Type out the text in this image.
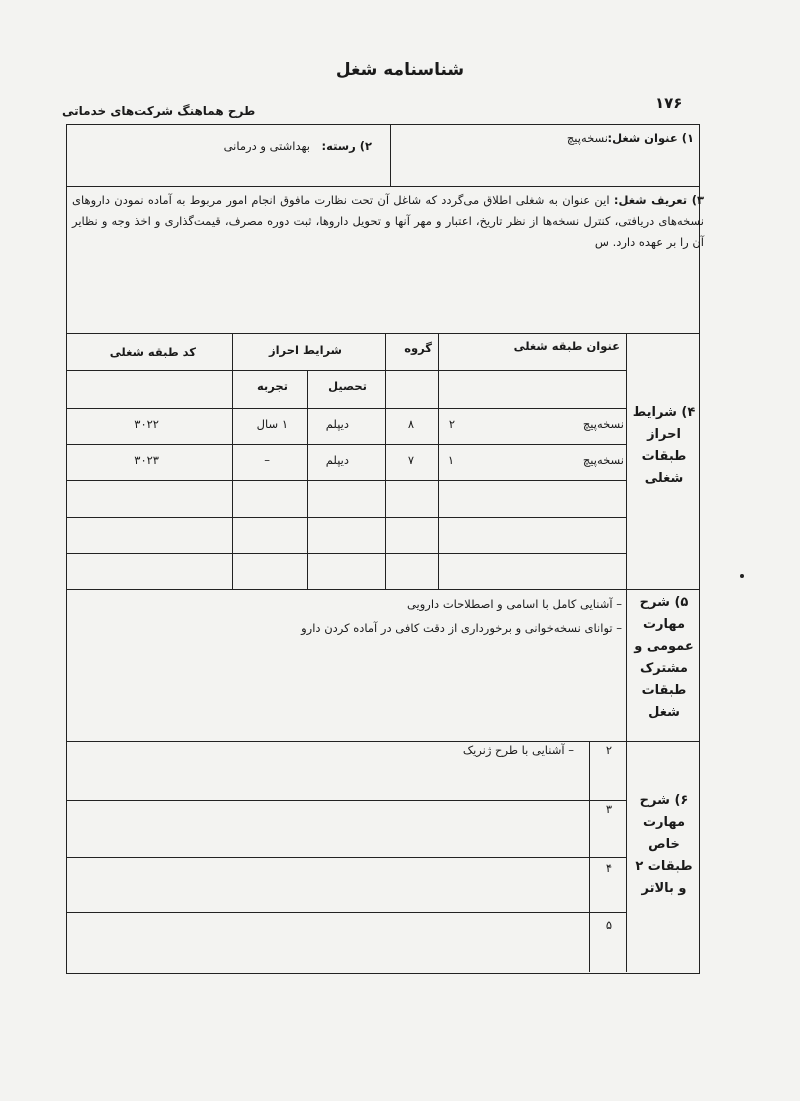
شناسنامه شغل
طرح هماهنگ شرکت‌های خدماتی	۱۷۶
۱) عنوان شغل:
نسخه‌پیچ
۲) رسته:
بهداشتی و درمانی
۳) تعریف شغل: این عنوان به شغلی اطلاق می‌گردد که شاغل آن تحت نظارت مافوق انجام امور مربوط به آماده نمودن داروهای نسخه‌های دریافتی، کنترل نسخه‌ها از نظر تاریخ، اعتبار و مهر آنها و تحویل داروها، ثبت دوره مصرف، قیمت‌گذاری و اخذ وجه و نظایر آن را بر عهده دارد. س
۴) شرایط
احراز
طبقات
شغلی
عنوان طبقه شغلی
گروه
شرایط احراز
کد طبقه شغلی
تحصیل
تجربه
نسخه‌پیچ
۲
۸
دیپلم
۱ سال
۳۰۲۲
نسخه‌پیچ
۱
۷
دیپلم
–
۳۰۲۳
۵) شرح
مهارت
عمومی و
مشترک
طبقات
شغل
– آشنایی کامل با اسامی و اصطلاحات دارویی
– توانای نسخه‌خوانی و برخورداری از دقت کافی در آماده کردن دارو
۶) شرح
مهارت
خاص
طبقات ۲
و بالاتر
۲
– آشنایی با طرح ژنریک
۳
۴
۵
